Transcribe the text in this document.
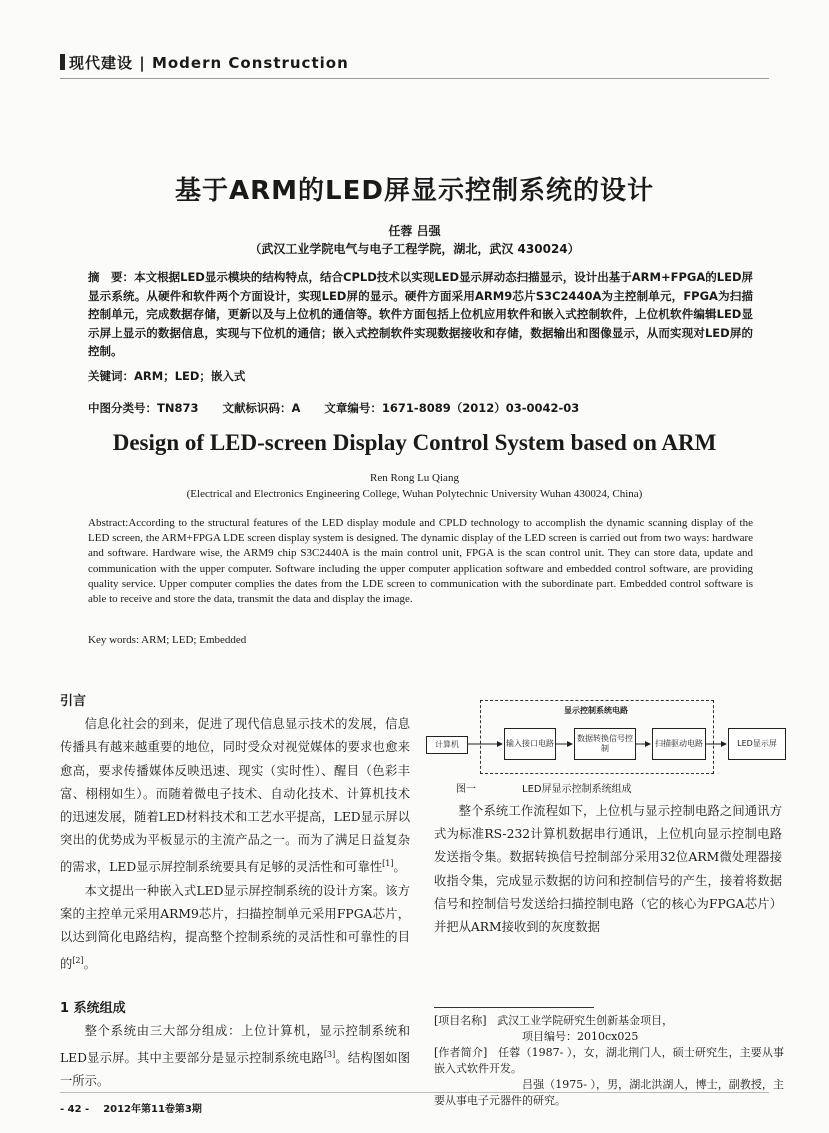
现代建设 | Modern Construction
基于ARM的LED屏显示控制系统的设计
任蓉 吕强
（武汉工业学院电气与电子工程学院，湖北，武汉 430024）
摘　要：本文根据LED显示模块的结构特点，结合CPLD技术以实现LED显示屏动态扫描显示，设计出基于ARM+FPGA的LED屏显示系统。从硬件和软件两个方面设计，实现LED屏的显示。硬件方面采用ARM9芯片S3C2440A为主控制单元，FPGA为扫描控制单元，完成数据存储，更新以及与上位机的通信等。软件方面包括上位机应用软件和嵌入式控制软件，上位机软件编辑LED显示屏上显示的数据信息，实现与下位机的通信；嵌入式控制软件实现数据接收和存储，数据输出和图像显示，从而实现对LED屏的控制。
关键词：ARM；LED；嵌入式
中图分类号：TN873 文献标识码：A 文章编号：1671-8089（2012）03-0042-03
Design of LED-screen Display Control System based on ARM
Ren Rong Lu Qiang
(Electrical and Electronics Engineering College, Wuhan Polytechnic University Wuhan 430024, China)
Abstract:According to the structural features of the LED display module and CPLD technology to accomplish the dynamic scanning display of the LED screen, the ARM+FPGA LDE screen display system is designed. The dynamic display of the LED screen is carried out from two ways: hardware and software. Hardware wise, the ARM9 chip S3C2440A is the main control unit, FPGA is the scan control unit. They can store data, update and communication with the upper computer. Software including the upper computer application software and embedded control software, are providing quality service. Upper computer complies the dates from the LDE screen to communication with the subordinate part. Embedded control software is able to receive and store the data, transmit the data and display the image.
Key words: ARM; LED; Embedded
引言

信息化社会的到来，促进了现代信息显示技术的发展，信息传播具有越来越重要的地位，同时受众对视觉媒体的要求也愈来愈高，要求传播媒体反映迅速、现实（实时性）、醒目（色彩丰富、栩栩如生）。而随着微电子技术、自动化技术、计算机技术的迅速发展，随着LED材料技术和工艺水平提高，LED显示屏以突出的优势成为平板显示的主流产品之一。而为了满足日益复杂的需求，LED显示屏控制系统要具有足够的灵活性和可靠性[1]。

本文提出一种嵌入式LED显示屏控制系统的设计方案。该方案的主控单元采用ARM9芯片，扫描控制单元采用FPGA芯片，以达到简化电路结构，提高整个控制系统的灵活性和可靠性的目的[2]。

1 系统组成

整个系统由三大部分组成：上位计算机，显示控制系统和LED显示屏。其中主要部分是显示控制系统电路[3]。结构图如图一所示。

显示控制系统电路
计算机	输入接口电路
数据转换信号控制
扫描驱动电路	LED显示屏
图一	LED屏显示控制系统组成

整个系统工作流程如下，上位机与显示控制电路之间通讯方式为标准RS-232计算机数据串行通讯，上位机向显示控制电路发送指令集。数据转换信号控制部分采用32位ARM微处理器接收指令集，完成显示数据的访问和控制信号的产生，接着将数据信号和控制信号发送给扫描控制电路（它的核心为FPGA芯片）并把从ARM接收到的灰度数据

[项目名称] 武汉工业学院研究生创新基金项目，
项目编号：2010cx025
[作者简介] 任蓉（1987- ），女，湖北荆门人，硕士研究生，主要从事嵌入式软件开发。
吕强（1975- ），男，湖北洪湖人，博士，副教授，主要从事电子元器件的研究。
- 42 - 2012年第11卷第3期
